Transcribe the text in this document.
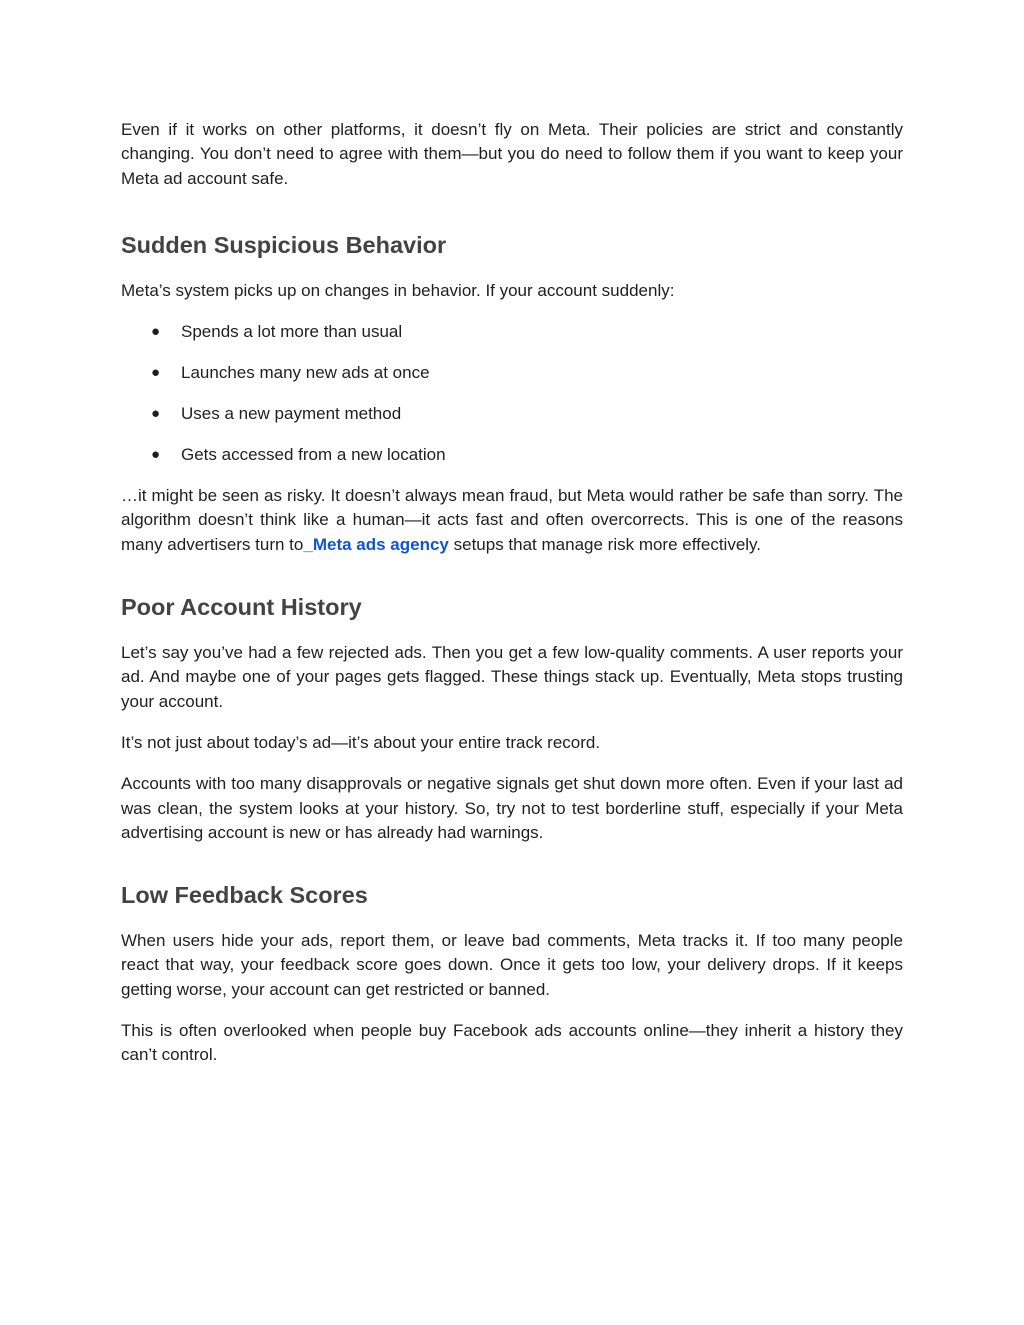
Even if it works on other platforms, it doesn’t fly on Meta. Their policies are strict and constantly changing. You don’t need to agree with them—but you do need to follow them if you want to keep your Meta ad account safe.

Sudden Suspicious Behavior

Meta’s system picks up on changes in behavior. If your account suddenly:

● Spends a lot more than usual
● Launches many new ads at once
● Uses a new payment method
● Gets accessed from a new location

…it might be seen as risky. It doesn’t always mean fraud, but Meta would rather be safe than sorry. The algorithm doesn’t think like a human—it acts fast and often overcorrects. This is one of the reasons many advertisers turn to_Meta ads agency setups that manage risk more effectively.

Poor Account History

Let’s say you’ve had a few rejected ads. Then you get a few low-quality comments. A user reports your ad. And maybe one of your pages gets flagged. These things stack up. Eventually, Meta stops trusting your account.

It’s not just about today’s ad—it’s about your entire track record.

Accounts with too many disapprovals or negative signals get shut down more often. Even if your last ad was clean, the system looks at your history. So, try not to test borderline stuff, especially if your Meta advertising account is new or has already had warnings.

Low Feedback Scores

When users hide your ads, report them, or leave bad comments, Meta tracks it. If too many people react that way, your feedback score goes down. Once it gets too low, your delivery drops. If it keeps getting worse, your account can get restricted or banned.

This is often overlooked when people buy Facebook ads accounts online—they inherit a history they can’t control.
